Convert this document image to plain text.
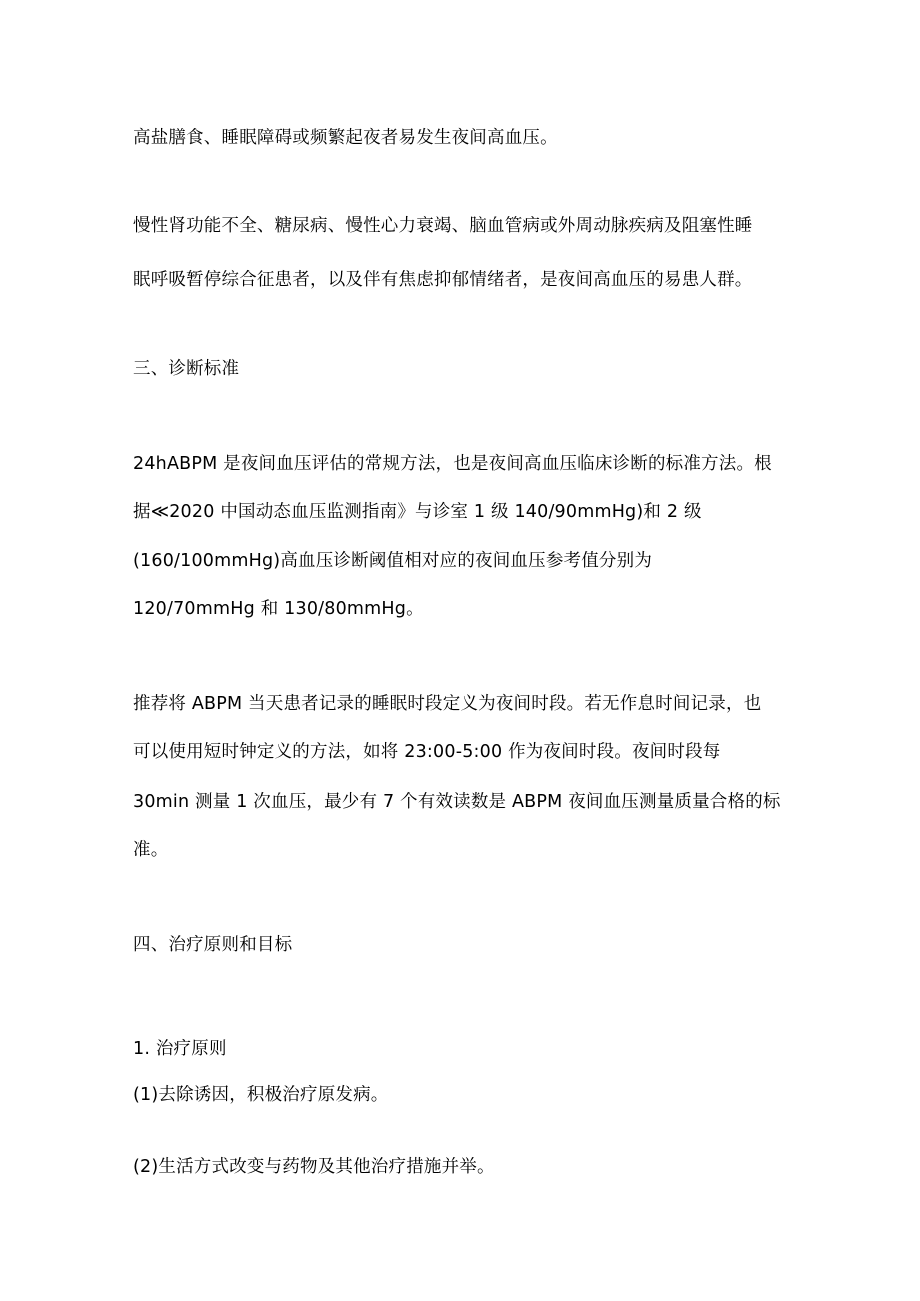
高盐膳食、睡眠障碍或频繁起夜者易发生夜间高血压。
慢性肾功能不全、糖尿病、慢性心力衰竭、脑血管病或外周动脉疾病及阻塞性睡
眠呼吸暂停综合征患者，以及伴有焦虑抑郁情绪者，是夜间高血压的易患人群。
三、诊断标准
24hABPM 是夜间血压评估的常规方法，也是夜间高血压临床诊断的标准方法。根
据≪2020 中国动态血压监测指南》与诊室 1 级 140/90mmHg)和 2 级
(160/100mmHg)高血压诊断阈值相对应的夜间血压参考值分别为
120/70mmHg 和 130/80mmHg。
推荐将 ABPM 当天患者记录的睡眠时段定义为夜间时段。若无作息时间记录，也
可以使用短时钟定义的方法，如将 23:00-5:00 作为夜间时段。夜间时段每
30min 测量 1 次血压，最少有 7 个有效读数是 ABPM 夜间血压测量质量合格的标
准。
四、治疗原则和目标
1. 治疗原则
(1)去除诱因，积极治疗原发病。
(2)生活方式改变与药物及其他治疗措施并举。
